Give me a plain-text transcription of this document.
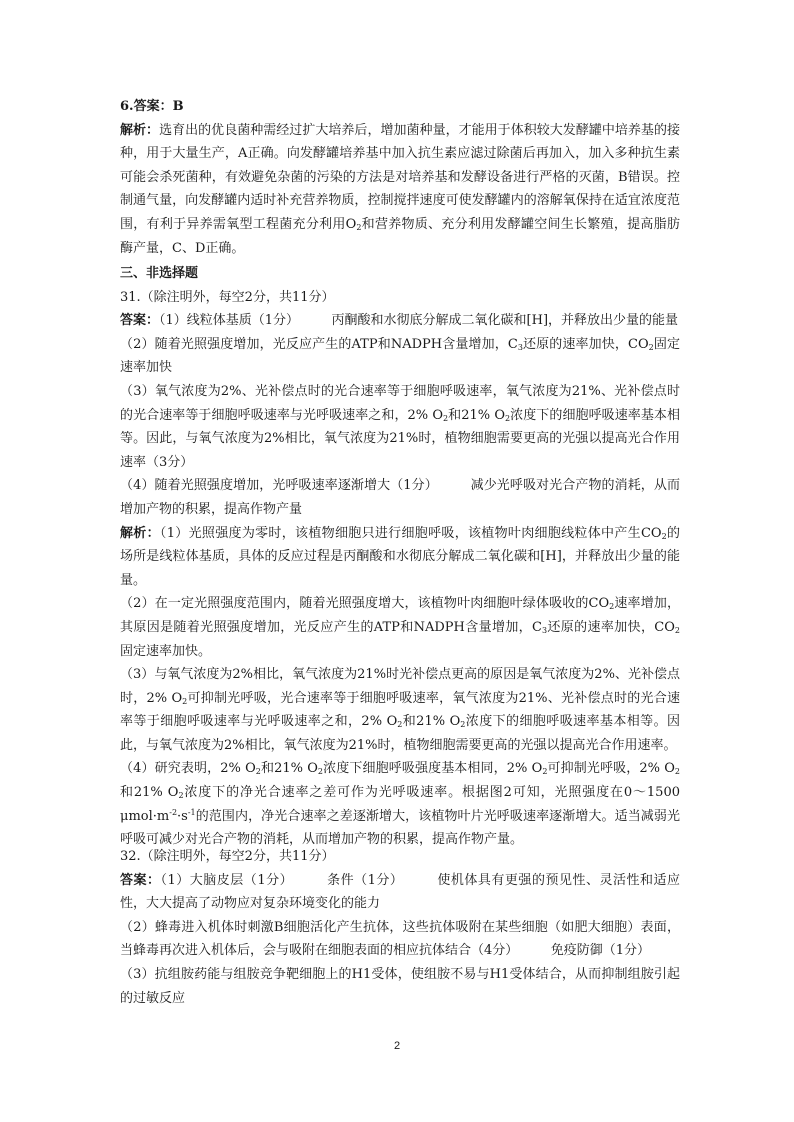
6.答案：B

解析：选育出的优良菌种需经过扩大培养后，增加菌种量，才能用于体积较大发酵罐中培养基的接种，用于大量生产，A正确。向发酵罐培养基中加入抗生素应滤过除菌后再加入，加入多种抗生素可能会杀死菌种，有效避免杂菌的污染的方法是对培养基和发酵设备进行严格的灭菌，B错误。控制通气量，向发酵罐内适时补充营养物质，控制搅拌速度可使发酵罐内的溶解氧保持在适宜浓度范围，有利于异养需氧型工程菌充分利用$O_2$和营养物质、充分利用发酵罐空间生长繁殖，提高脂肪酶产量，C、D正确。

三、非选择题

31.（除注明外，每空2分，共11分）

答案：（1）线粒体基质（1分）　　　丙酮酸和水彻底分解成二氧化碳和[H]，并释放出少量的能量

（2）随着光照强度增加，光反应产生的ATP和NADPH含量增加，$C_3$还原的速率加快，$CO_2$固定速率加快

（3）氧气浓度为2%、光补偿点时的光合速率等于细胞呼吸速率，氧气浓度为21%、光补偿点时的光合速率等于细胞呼吸速率与光呼吸速率之和，2% $O_2$和21% $O_2$浓度下的细胞呼吸速率基本相等。因此，与氧气浓度为2%相比，氧气浓度为21%时，植物细胞需要更高的光强以提高光合作用速率（3分）

（4）随着光照强度增加，光呼吸速率逐渐增大（1分）　　　减少光呼吸对光合产物的消耗，从而增加产物的积累，提高作物产量

解析：（1）光照强度为零时，该植物细胞只进行细胞呼吸，该植物叶肉细胞线粒体中产生$CO_2$的场所是线粒体基质，具体的反应过程是丙酮酸和水彻底分解成二氧化碳和[H]，并释放出少量的能量。

（2）在一定光照强度范围内，随着光照强度增大，该植物叶肉细胞叶绿体吸收的$CO_2$速率增加，其原因是随着光照强度增加，光反应产生的ATP和NADPH含量增加，$C_3$还原的速率加快，$CO_2$固定速率加快。

（3）与氧气浓度为2%相比，氧气浓度为21%时光补偿点更高的原因是氧气浓度为2%、光补偿点时，2% $O_2$可抑制光呼吸，光合速率等于细胞呼吸速率，氧气浓度为21%、光补偿点时的光合速率等于细胞呼吸速率与光呼吸速率之和，2% $O_2$和21% $O_2$浓度下的细胞呼吸速率基本相等。因此，与氧气浓度为2%相比，氧气浓度为21%时，植物细胞需要更高的光强以提高光合作用速率。

（4）研究表明，2% $O_2$和21% $O_2$浓度下细胞呼吸强度基本相同，2% $O_2$可抑制光呼吸，2% $O_2$和21% $O_2$浓度下的净光合速率之差可作为光呼吸速率。根据图2可知，光照强度在0～1500 $\mu mol\cdot m^{-2}\cdot s^{-1}$的范围内，净光合速率之差逐渐增大，该植物叶片光呼吸速率逐渐增大。适当减弱光呼吸可减少对光合产物的消耗，从而增加产物的积累，提高作物产量。

32.（除注明外，每空2分，共11分）

答案：（1）大脑皮层（1分）　　　条件（1分）　　　使机体具有更强的预见性、灵活性和适应性，大大提高了动物应对复杂环境变化的能力

（2）蜂毒进入机体时刺激B细胞活化产生抗体，这些抗体吸附在某些细胞（如肥大细胞）表面，当蜂毒再次进入机体后，会与吸附在细胞表面的相应抗体结合（4分）　　　免疫防御（1分）

（3）抗组胺药能与组胺竞争靶细胞上的H1受体，使组胺不易与H1受体结合，从而抑制组胺引起的过敏反应

2
